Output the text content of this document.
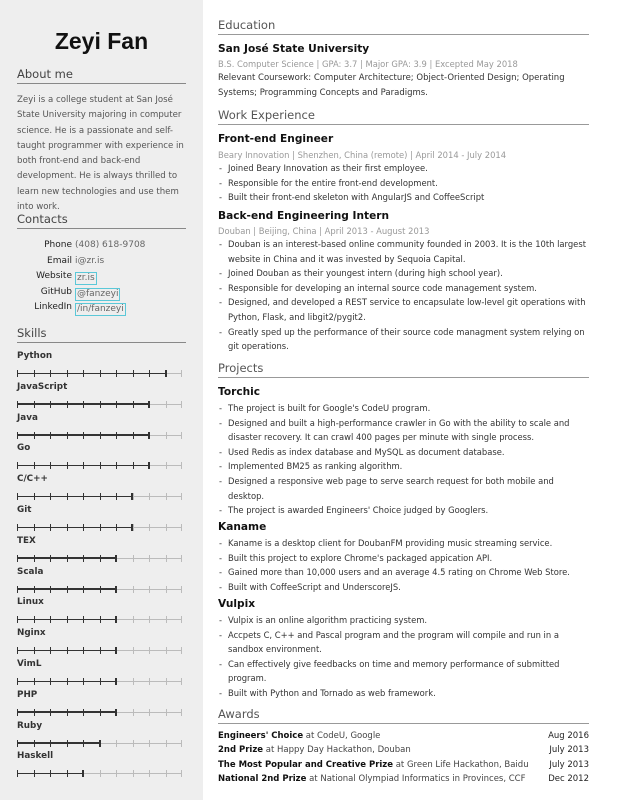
Zeyi Fan
About me
Zeyi is a college student at San José State University majoring in computer science. He is a passionate and self-taught programmer with experience in both front-end and back-end development. He is always thrilled to learn new technologies and use them into work.
Contacts
Phone (408) 618-9708
Email i@zr.is
Website zr.is
GitHub @fanzeyi
LinkedIn /in/fanzeyi
Skills
Python
JavaScript
Java
Go
C/C++
Git
TEX
Scala
Linux
Nginx
VimL
PHP
Ruby
Haskell
Education
San José State University
B.S. Computer Science | GPA: 3.7 | Major GPA: 3.9 | Excepted May 2018
Relevant Coursework: Computer Architecture; Object-Oriented Design; Operating Systems; Programming Concepts and Paradigms.
Work Experience
Front-end Engineer
Beary Innovation | Shenzhen, China (remote) | April 2014 - July 2014
- Joined Beary Innovation as their first employee.
- Responsible for the entire front-end development.
- Built their front-end skeleton with AngularJS and CoffeeScript
Back-end Engineering Intern
Douban | Beijing, China | April 2013 - August 2013
- Douban is an interest-based online community founded in 2003. It is the 10th largest website in China and it was invested by Sequoia Capital.
- Joined Douban as their youngest intern (during high school year).
- Responsible for developing an internal source code management system.
- Designed, and developed a REST service to encapsulate low-level git operations with Python, Flask, and libgit2/pygit2.
- Greatly sped up the performance of their source code managment system relying on git operations.
Projects
Torchic
- The project is built for Google's CodeU program.
- Designed and built a high-performance crawler in Go with the ability to scale and disaster recovery. It can crawl 400 pages per minute with single process.
- Used Redis as index database and MySQL as document database.
- Implemented BM25 as ranking algorithm.
- Designed a responsive web page to serve search request for both mobile and desktop.
- The project is awarded Engineers' Choice judged by Googlers.
Kaname
- Kaname is a desktop client for DoubanFM providing music streaming service.
- Built this project to explore Chrome's packaged appication API.
- Gained more than 10,000 users and an average 4.5 rating on Chrome Web Store.
- Built with CoffeeScript and UnderscoreJS.
Vulpix
- Vulpix is an online algorithm practicing system.
- Accpets C, C++ and Pascal program and the program will compile and run in a sandbox environment.
- Can effectively give feedbacks on time and memory performance of submitted program.
- Built with Python and Tornado as web framework.
Awards
Engineers' Choice at CodeU, Google	Aug 2016
2nd Prize at Happy Day Hackathon, Douban	July 2013
The Most Popular and Creative Prize at Green Life Hackathon, Baidu July 2013
National 2nd Prize at National Olympiad Informatics in Provinces, CCF	Dec 2012
